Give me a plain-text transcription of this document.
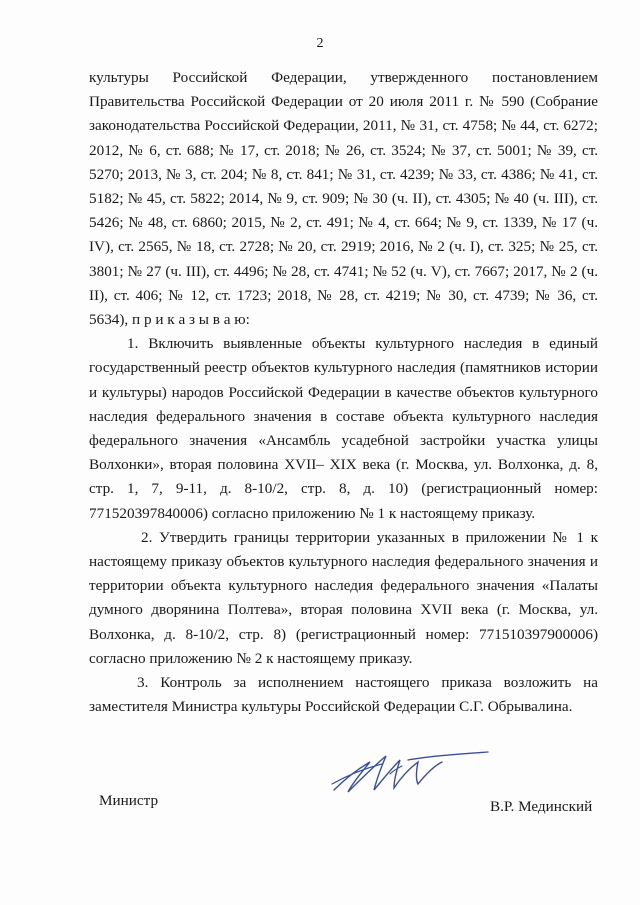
2

культуры Российской Федерации, утвержденного постановлением Правительства Российской Федерации от 20 июля 2011 г. № 590 (Собрание законодательства Российской Федерации, 2011, № 31, ст. 4758; № 44, ст. 6272; 2012, № 6, ст. 688; № 17, ст. 2018; № 26, ст. 3524; № 37, ст. 5001; № 39, ст. 5270; 2013, № 3, ст. 204; № 8, ст. 841; № 31, ст. 4239; № 33, ст. 4386; № 41, ст. 5182; № 45, ст. 5822; 2014, № 9, ст. 909; № 30 (ч. II), ст. 4305; № 40 (ч. III), ст. 5426; № 48, ст. 6860; 2015, № 2, ст. 491; № 4, ст. 664; № 9, ст. 1339, № 17 (ч. IV), ст. 2565, № 18, ст. 2728; № 20, ст. 2919; 2016, № 2 (ч. I), ст. 325; № 25, ст. 3801; № 27 (ч. III), ст. 4496; № 28, ст. 4741; № 52 (ч. V), ст. 7667; 2017, № 2 (ч. II), ст. 406; № 12, ст. 1723; 2018, № 28, ст. 4219; № 30, ст. 4739; № 36, ст. 5634), п р и к а з ы в а ю:

1. Включить выявленные объекты культурного наследия в единый государственный реестр объектов культурного наследия (памятников истории и культуры) народов Российской Федерации в качестве объектов культурного наследия федерального значения в составе объекта культурного наследия федерального значения «Ансамбль усадебной застройки участка улицы Волхонки», вторая половина XVII– XIX века (г. Москва, ул. Волхонка, д. 8, стр. 1, 7, 9-11, д. 8-10/2, стр. 8, д. 10) (регистрационный номер: 771520397840006) согласно приложению № 1 к настоящему приказу.

2. Утвердить границы территории указанных в приложении № 1 к настоящему приказу объектов культурного наследия федерального значения и территории объекта культурного наследия федерального значения «Палаты думного дворянина Полтева», вторая половина XVII века (г. Москва, ул. Волхонка, д. 8-10/2, стр. 8) (регистрационный номер: 771510397900006) согласно приложению № 2 к настоящему приказу.

3. Контроль за исполнением настоящего приказа возложить на заместителя Министра культуры Российской Федерации С.Г. Обрывалина.

Министр	В.Р. Мединский
